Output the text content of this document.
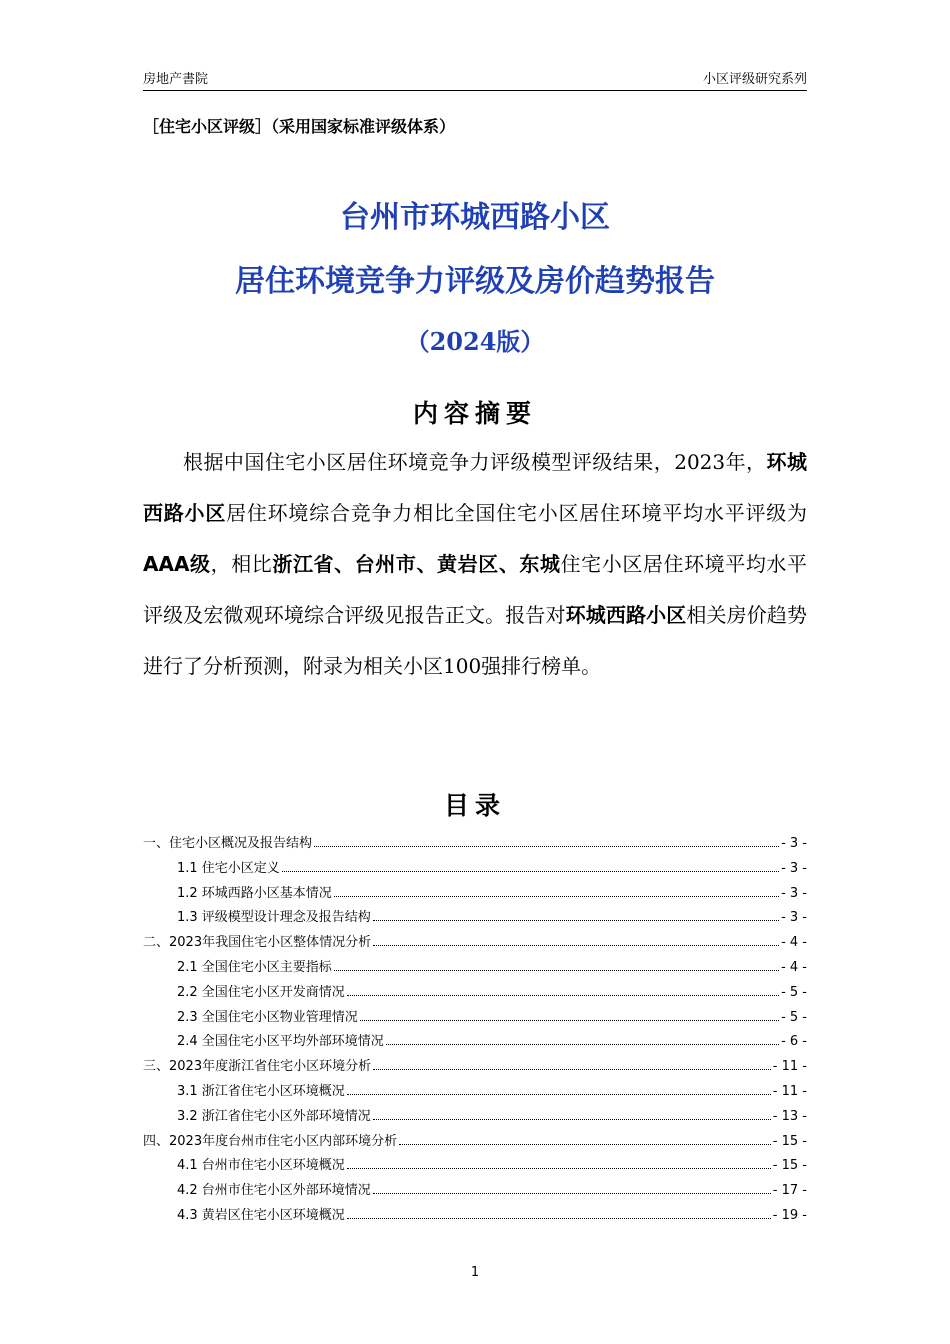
房地产書院	小区评级研究系列
［住宅小区评级］（采用国家标准评级体系）
台州市环城西路小区
居住环境竞争力评级及房价趋势报告
（2024版）
内容摘要

根据中国住宅小区居住环境竞争力评级模型评级结果，2023年，环城西路小区居住环境综合竞争力相比全国住宅小区居住环境平均水平评级为AAA级，相比浙江省、台州市、黄岩区、东城住宅小区居住环境平均水平评级及宏微观环境综合评级见报告正文。报告对环城西路小区相关房价趋势进行了分析预测，附录为相关小区100强排行榜单。

目录
一、住宅小区概况及报告结构	- 3 -
1.1 住宅小区定义	- 3 -
1.2 环城西路小区基本情况	- 3 -
1.3 评级模型设计理念及报告结构	- 3 -
二、2023年我国住宅小区整体情况分析	- 4 -
2.1 全国住宅小区主要指标	- 4 -
2.2 全国住宅小区开发商情况	- 5 -
2.3 全国住宅小区物业管理情况	- 5 -
2.4 全国住宅小区平均外部环境情况	- 6 -
三、2023年度浙江省住宅小区环境分析	- 11 -
3.1 浙江省住宅小区环境概况	- 11 -
3.2 浙江省住宅小区外部环境情况	- 13 -
四、2023年度台州市住宅小区内部环境分析	- 15 -
4.1 台州市住宅小区环境概况	- 15 -
4.2 台州市住宅小区外部环境情况	- 17 -
4.3 黄岩区住宅小区环境概况	- 19 -
1
